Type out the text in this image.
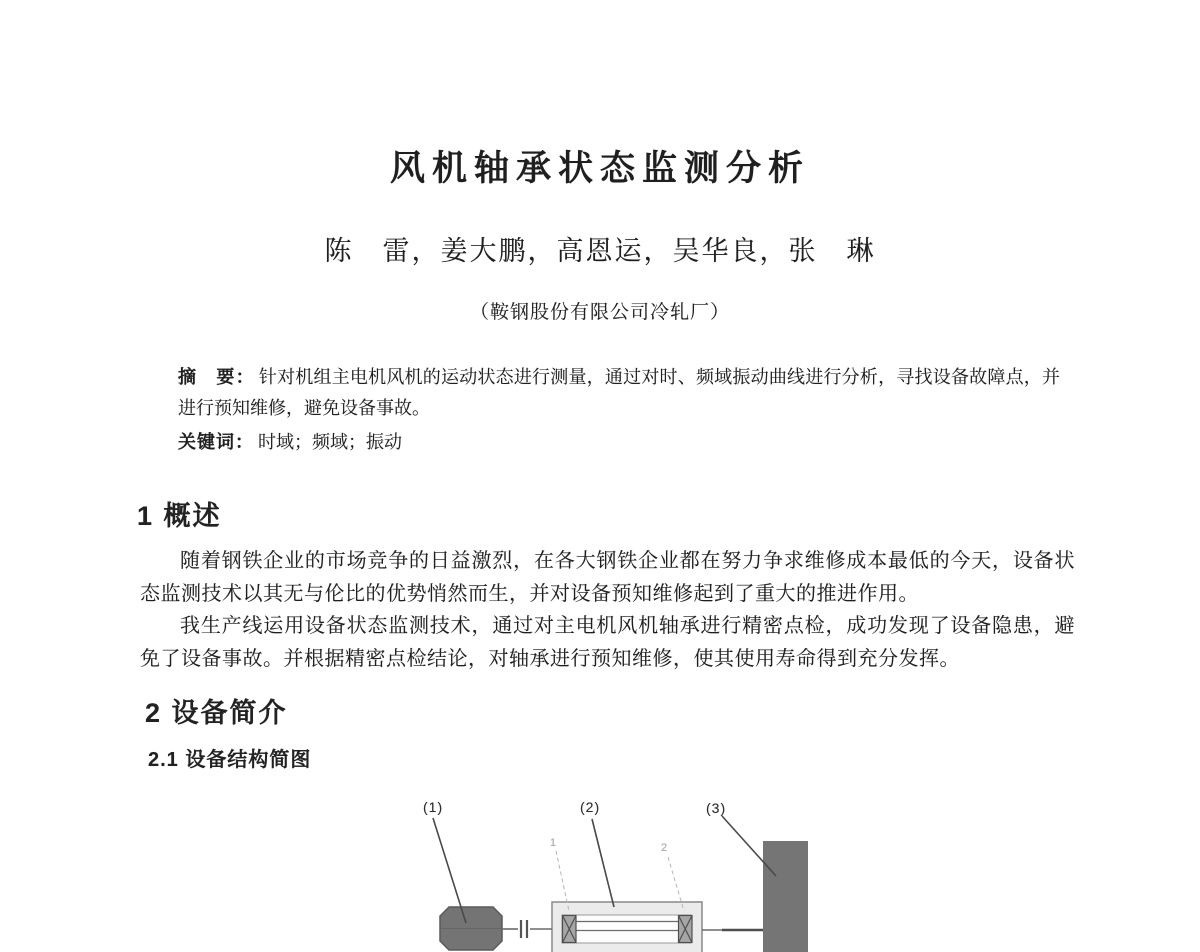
风机轴承状态监测分析
陈　雷，姜大鹏，高恩运，吴华良，张　琳
（鞍钢股份有限公司冷轧厂）

摘　要： 针对机组主电机风机的运动状态进行测量，通过对时、频域振动曲线进行分析，寻找设备故障点，并进行预知维修，避免设备事故。

关键词： 时域；频域；振动

1 概述

随着钢铁企业的市场竞争的日益激烈，在各大钢铁企业都在努力争求维修成本最低的今天，设备状态监测技术以其无与伦比的优势悄然而生，并对设备预知维修起到了重大的推进作用。

我生产线运用设备状态监测技术，通过对主电机风机轴承进行精密点检，成功发现了设备隐患，避免了设备事故。并根据精密点检结论，对轴承进行预知维修，使其使用寿命得到充分发挥。

2 设备简介
2.1 设备结构简图
(1)	(2)	(3)
1	2
